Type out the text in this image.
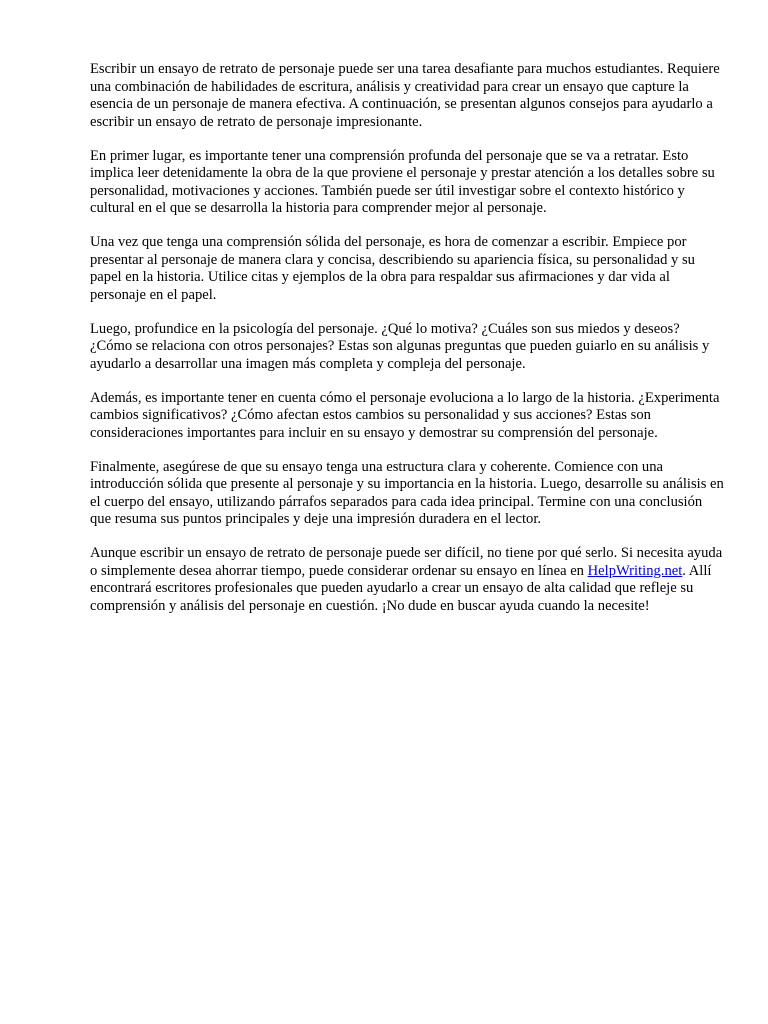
Escribir un ensayo de retrato de personaje puede ser una tarea desafiante para muchos estudiantes. Requiere una combinación de habilidades de escritura, análisis y creatividad para crear un ensayo que capture la esencia de un personaje de manera efectiva. A continuación, se presentan algunos consejos para ayudarlo a escribir un ensayo de retrato de personaje impresionante.

En primer lugar, es importante tener una comprensión profunda del personaje que se va a retratar. Esto implica leer detenidamente la obra de la que proviene el personaje y prestar atención a los detalles sobre su personalidad, motivaciones y acciones. También puede ser útil investigar sobre el contexto histórico y cultural en el que se desarrolla la historia para comprender mejor al personaje.

Una vez que tenga una comprensión sólida del personaje, es hora de comenzar a escribir. Empiece por presentar al personaje de manera clara y concisa, describiendo su apariencia física, su personalidad y su papel en la historia. Utilice citas y ejemplos de la obra para respaldar sus afirmaciones y dar vida al personaje en el papel.

Luego, profundice en la psicología del personaje. ¿Qué lo motiva? ¿Cuáles son sus miedos y deseos? ¿Cómo se relaciona con otros personajes? Estas son algunas preguntas que pueden guiarlo en su análisis y ayudarlo a desarrollar una imagen más completa y compleja del personaje.

Además, es importante tener en cuenta cómo el personaje evoluciona a lo largo de la historia. ¿Experimenta cambios significativos? ¿Cómo afectan estos cambios su personalidad y sus acciones? Estas son consideraciones importantes para incluir en su ensayo y demostrar su comprensión del personaje.

Finalmente, asegúrese de que su ensayo tenga una estructura clara y coherente. Comience con una introducción sólida que presente al personaje y su importancia en la historia. Luego, desarrolle su análisis en el cuerpo del ensayo, utilizando párrafos separados para cada idea principal. Termine con una conclusión que resuma sus puntos principales y deje una impresión duradera en el lector.

Aunque escribir un ensayo de retrato de personaje puede ser difícil, no tiene por qué serlo. Si necesita ayuda o simplemente desea ahorrar tiempo, puede considerar ordenar su ensayo en línea en HelpWriting.net. Allí encontrará escritores profesionales que pueden ayudarlo a crear un ensayo de alta calidad que refleje su comprensión y análisis del personaje en cuestión. ¡No dude en buscar ayuda cuando la necesite!
